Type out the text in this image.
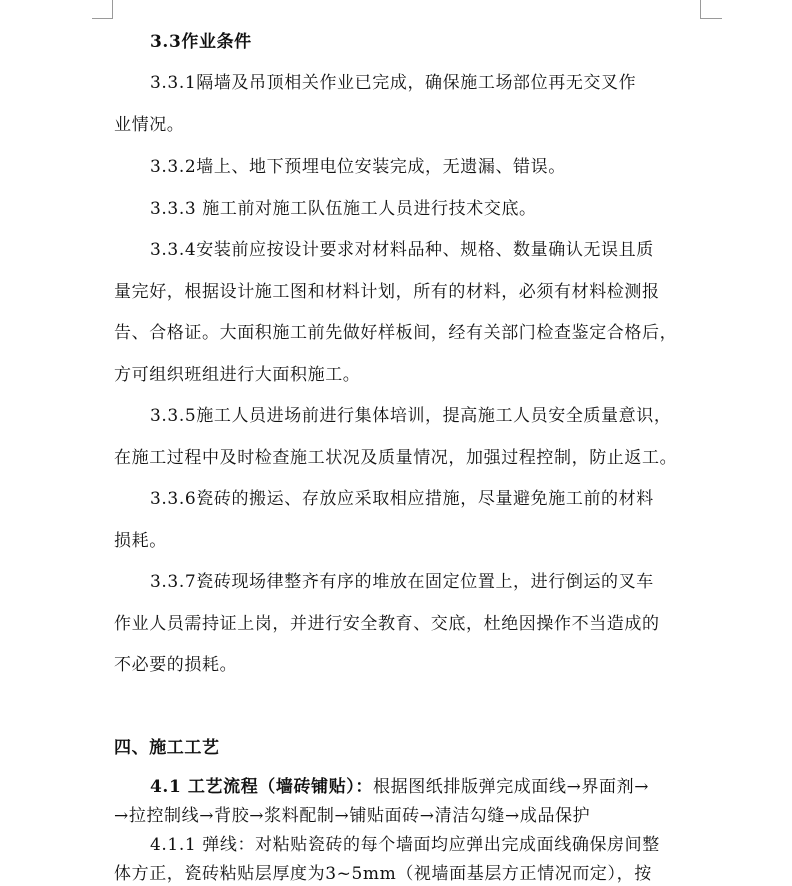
3.3作业条件
3.3.1隔墙及吊顶相关作业已完成，确保施工场部位再无交叉作
业情况。
3.3.2墙上、地下预埋电位安装完成，无遗漏、错误。
3.3.3 施工前对施工队伍施工人员进行技术交底。
3.3.4安装前应按设计要求对材料品种、规格、数量确认无误且质
量完好，根据设计施工图和材料计划，所有的材料，必须有材料检测报
告、合格证。大面积施工前先做好样板间，经有关部门检查鉴定合格后，
方可组织班组进行大面积施工。
3.3.5施工人员进场前进行集体培训，提高施工人员安全质量意识，
在施工过程中及时检查施工状况及质量情况，加强过程控制，防止返工。
3.3.6瓷砖的搬运、存放应采取相应措施，尽量避免施工前的材料
损耗。
3.3.7瓷砖现场律整齐有序的堆放在固定位置上，进行倒运的叉车
作业人员需持证上岗，并进行安全教育、交底，杜绝因操作不当造成的
不必要的损耗。
四、施工工艺
4.1 工艺流程（墙砖铺贴）：根据图纸排版弹完成面线→界面剂→
→拉控制线→背胶→浆料配制→铺贴面砖→清洁勾缝→成品保护
4.1.1 弹线：对粘贴瓷砖的每个墙面均应弹出完成面线确保房间整
体方正，瓷砖粘贴层厚度为3~5mm（视墙面基层方正情况而定），按
